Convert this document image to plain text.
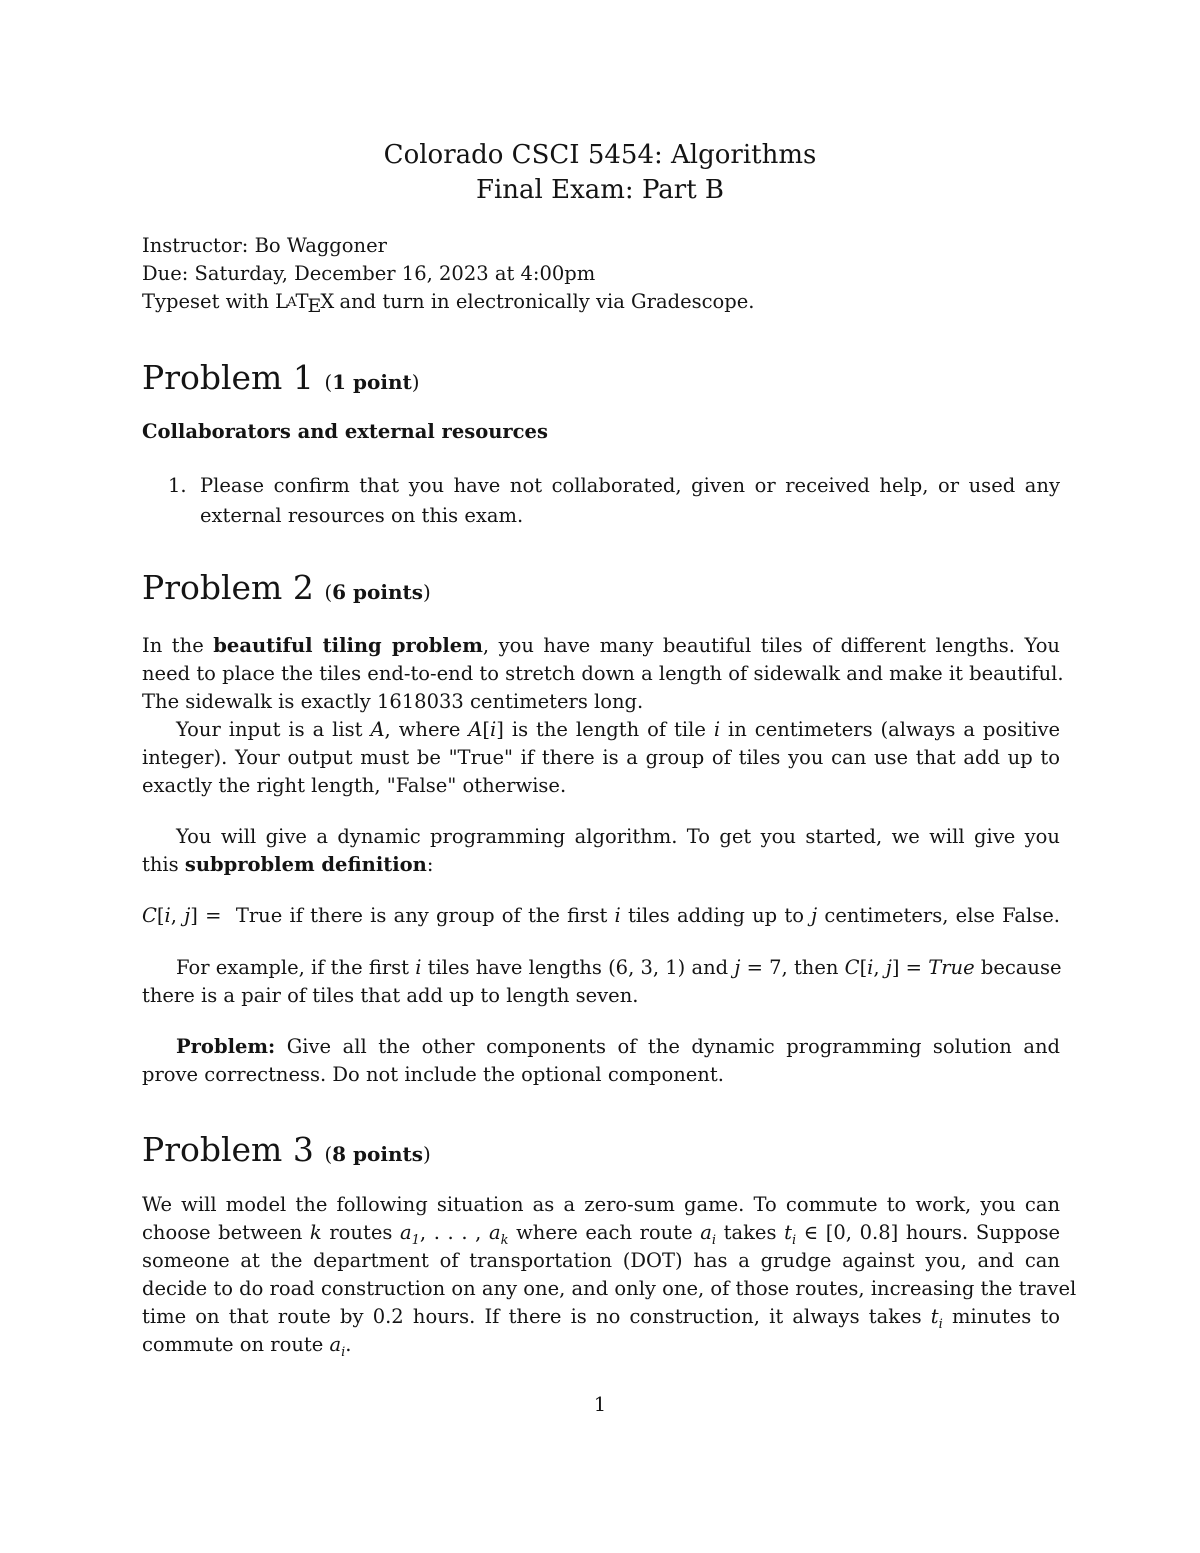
Colorado CSCI 5454: Algorithms
Final Exam: Part B
Instructor: Bo Waggoner
Due: Saturday, December 16, 2023 at 4:00pm
Typeset with $L^AT_EX$ and turn in electronically via Gradescope.
Problem 1 (1 point)
Collaborators and external resources
1. Please confirm that you have not collaborated, given or received help, or used any
external resources on this exam.
Problem 2 (6 points)
In the beautiful tiling problem, you have many beautiful tiles of different lengths. You
need to place the tiles end-to-end to stretch down a length of sidewalk and make it beautiful.
The sidewalk is exactly 1618033 centimeters long.
Your input is a list A, where A[i] is the length of tile i in centimeters (always a positive
integer). Your output must be "True" if there is a group of tiles you can use that add up to
exactly the right length, "False" otherwise.
You will give a dynamic programming algorithm. To get you started, we will give you
this subproblem definition:
C[i, j] =  True if there is any group of the first i tiles adding up to j centimeters, else False.
For example, if the first i tiles have lengths (6, 3, 1) and j = 7, then C[i, j] = True because
there is a pair of tiles that add up to length seven.
Problem: Give all the other components of the dynamic programming solution and
prove correctness. Do not include the optional component.
Problem 3 (8 points)
We will model the following situation as a zero-sum game. To commute to work, you can
choose between k routes $a_1$, . . . , $a_k$ where each route $a_i$ takes $t_i$ ∈ [0, 0.8] hours. Suppose
someone at the department of transportation (DOT) has a grudge against you, and can
decide to do road construction on any one, and only one, of those routes, increasing the travel
time on that route by 0.2 hours. If there is no construction, it always takes $t_i$ minutes to
commute on route $a_i$.
1
